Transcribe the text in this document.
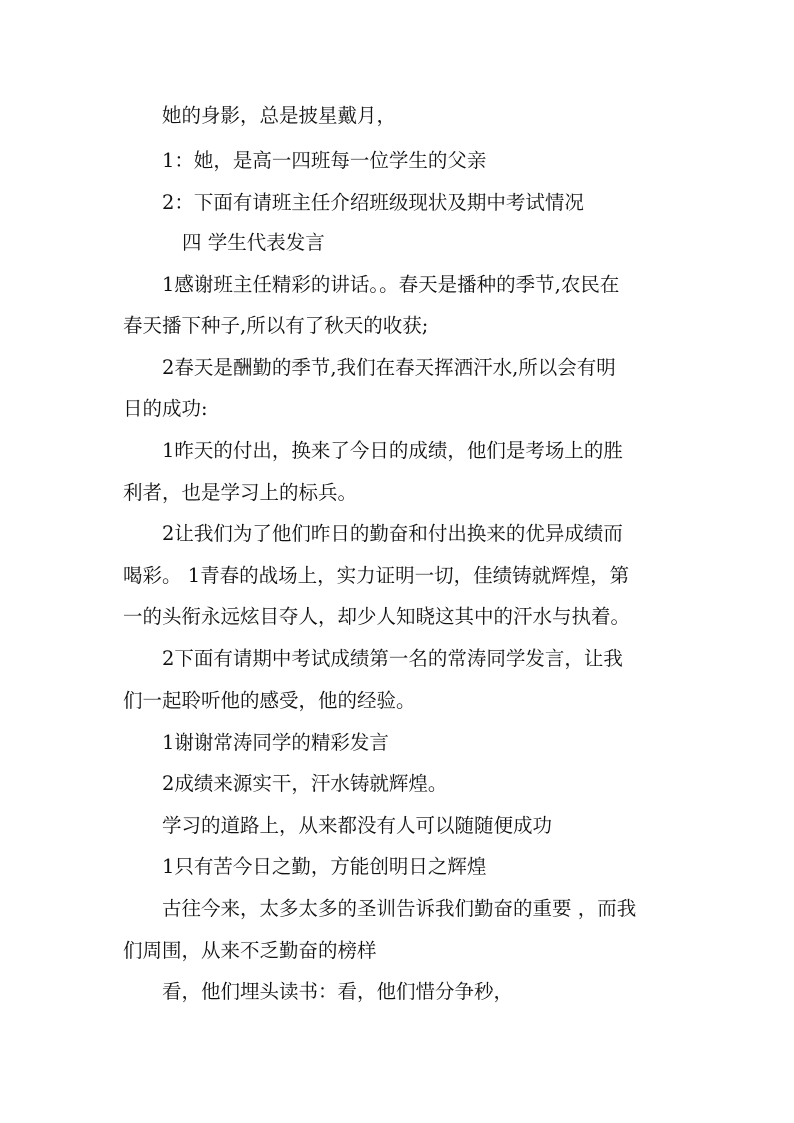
她的身影，总是披星戴月，
1：她，是高一四班每一位学生的父亲
2：下面有请班主任介绍班级现状及期中考试情况
四 学生代表发言
1感谢班主任精彩的讲话。。春天是播种的季节,农民在
春天播下种子,所以有了秋天的收获;
2春天是酬勤的季节,我们在春天挥洒汗水,所以会有明
日的成功:
1昨天的付出，换来了今日的成绩，他们是考场上的胜
利者，也是学习上的标兵。
2让我们为了他们昨日的勤奋和付出换来的优异成绩而
喝彩。 1青春的战场上，实力证明一切，佳绩铸就辉煌，第
一的头衔永远炫目夺人，却少人知晓这其中的汗水与执着。
2下面有请期中考试成绩第一名的常涛同学发言，让我
们一起聆听他的感受，他的经验。
1谢谢常涛同学的精彩发言
2成绩来源实干，汗水铸就辉煌。
学习的道路上，从来都没有人可以随随便成功
1只有苦今日之勤，方能创明日之辉煌
古往今来，太多太多的圣训告诉我们勤奋的重要 ，而我
们周围，从来不乏勤奋的榜样
看，他们埋头读书：看，他们惜分争秒，
